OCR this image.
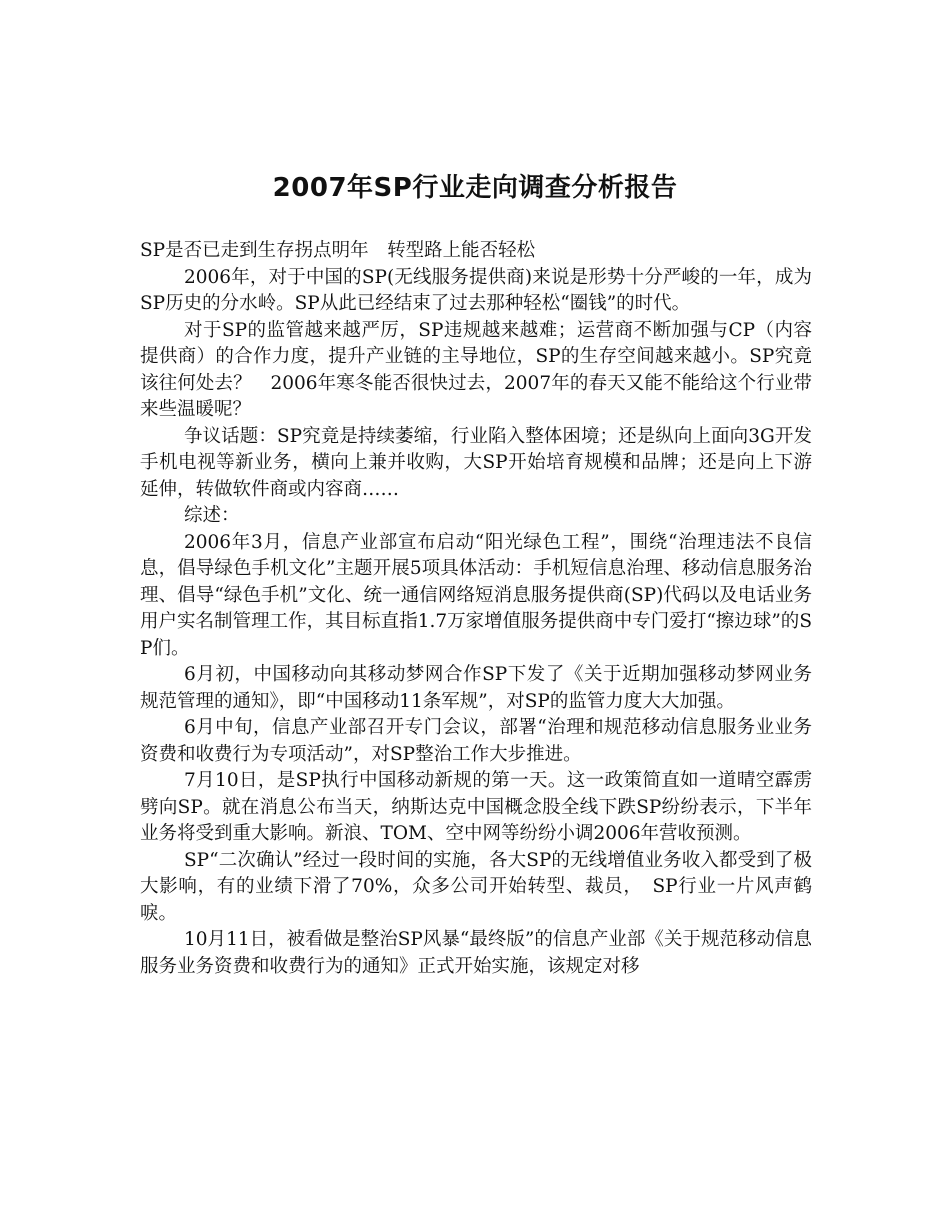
2007年SP行业走向调查分析报告

SP是否已走到生存拐点明年　转型路上能否轻松

2006年，对于中国的SP(无线服务提供商)来说是形势十分严峻的一年，成为SP历史的分水岭。SP从此已经结束了过去那种轻松“圈钱”的时代。

对于SP的监管越来越严厉，SP违规越来越难；运营商不断加强与CP（内容提供商）的合作力度，提升产业链的主导地位，SP的生存空间越来越小。SP究竟该往何处去？　2006年寒冬能否很快过去，2007年的春天又能不能给这个行业带来些温暖呢？

争议话题：SP究竟是持续萎缩，行业陷入整体困境；还是纵向上面向3G开发手机电视等新业务，横向上兼并收购，大SP开始培育规模和品牌；还是向上下游延伸，转做软件商或内容商……

综述：

2006年3月，信息产业部宣布启动“阳光绿色工程”，围绕“治理违法不良信息，倡导绿色手机文化”主题开展5项具体活动：手机短信息治理、移动信息服务治理、倡导“绿色手机”文化、统一通信网络短消息服务提供商(SP)代码以及电话业务用户实名制管理工作，其目标直指1.7万家增值服务提供商中专门爱打“擦边球”的SP们。

6月初，中国移动向其移动梦网合作SP下发了《关于近期加强移动梦网业务规范管理的通知》，即“中国移动11条军规”，对SP的监管力度大大加强。

6月中旬，信息产业部召开专门会议，部署“治理和规范移动信息服务业业务资费和收费行为专项活动”，对SP整治工作大步推进。

7月10日，是SP执行中国移动新规的第一天。这一政策简直如一道晴空霹雳劈向SP。就在消息公布当天，纳斯达克中国概念股全线下跌SP纷纷表示，下半年业务将受到重大影响。新浪、TOM、空中网等纷纷小调2006年营收预测。

SP“二次确认”经过一段时间的实施，各大SP的无线增值业务收入都受到了极大影响，有的业绩下滑了70%，众多公司开始转型、裁员，　SP行业一片风声鹤唳。

10月11日，被看做是整治SP风暴“最终版”的信息产业部《关于规范移动信息服务业务资费和收费行为的通知》正式开始实施，该规定对移
